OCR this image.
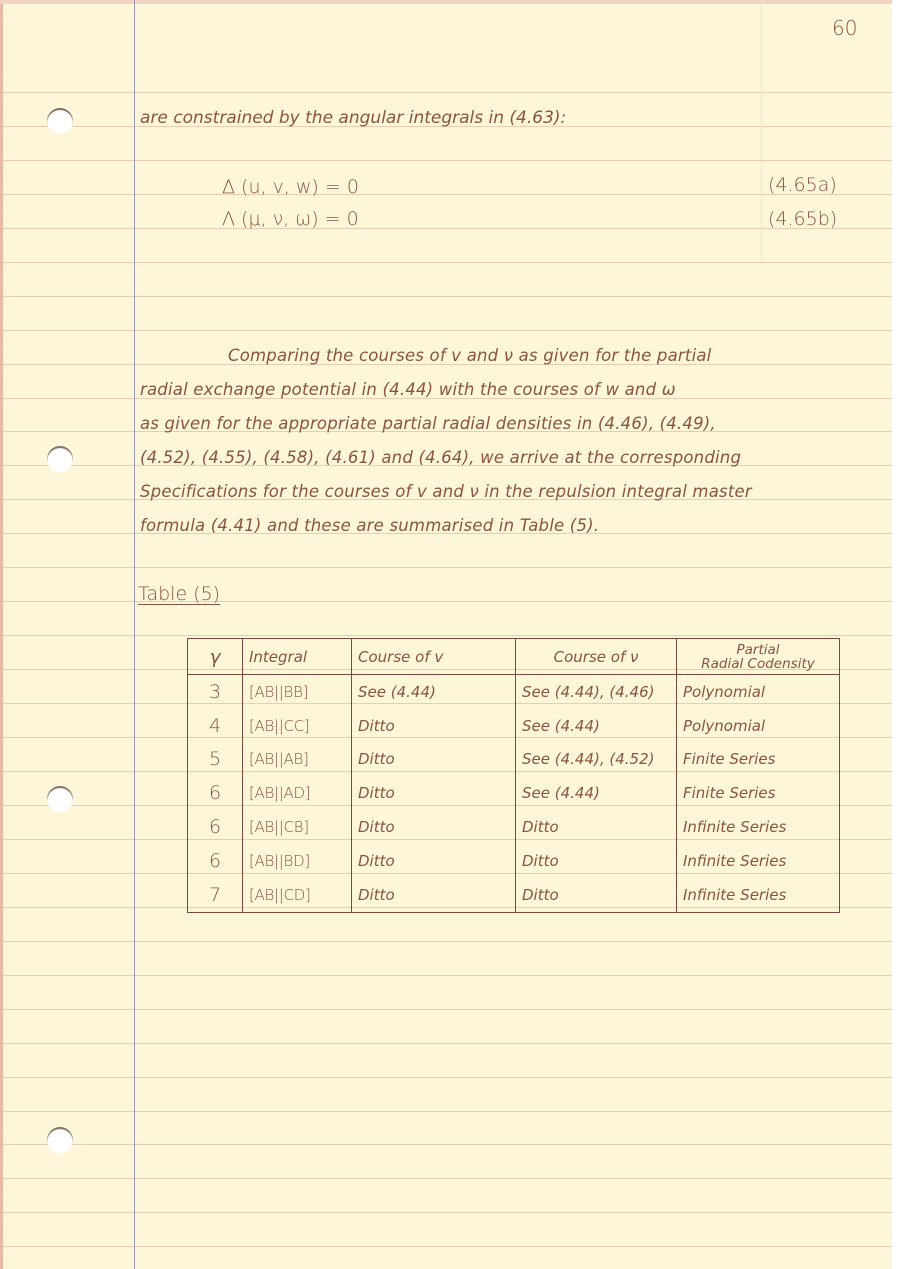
60
are constrained by the angular integrals in (4.63):
Δ (u, v, w) = 0	(4.65a)
Λ (μ, ν, ω) = 0	(4.65b)
Comparing the courses of v and ν as given for the partial
radial exchange potential in (4.44) with the courses of w and ω
as given for the appropriate partial radial densities in (4.46), (4.49),
(4.52), (4.55), (4.58), (4.61) and (4.64), we arrive at the corresponding
Specifications for the courses of v and ν in the repulsion integral master
formula (4.41) and these are summarised in Table (5).
Table (5)
γ	Integral	Course of v	Course of ν	Partial
Radial Codensity

3	[AB||BB]	See (4.44)	See (4.44), (4.46)	Polynomial
4	[AB||CC]	Ditto	See (4.44)	Polynomial
5	[AB||AB]	Ditto	See (4.44), (4.52)	Finite Series
6	[AB||AD]	Ditto	See (4.44)	Finite Series
6	[AB||CB]	Ditto	Ditto	Infinite Series
6	[AB||BD]	Ditto	Ditto	Infinite Series
7	[AB||CD]	Ditto	Ditto	Infinite Series
